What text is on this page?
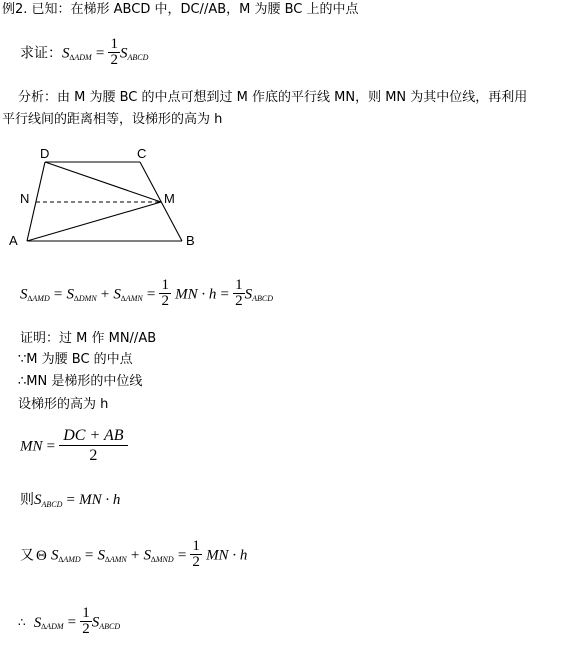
例2. 已知：在梯形 ABCD 中，DC//AB，M 为腰 BC 上的中点
求证：$S_{\Delta ADM} = \frac{1}{2} S_{ABCD}$
分析：由 M 为腰 BC 的中点可想到过 M 作底的平行线 MN，则 MN 为其中位线，再利用
平行线间的距离相等，设梯形的高为 h
D	C
N	M
A	B
$S_{\Delta AMD} = S_{\Delta DMN} + S_{\Delta AMN} = \frac{1}{2}$ MN · $h = \frac{1}{2} S_{ABCD}$
证明：过 M 作 MN//AB
∵M 为腰 BC 的中点
∴MN 是梯形的中位线
设梯形的高为 h
MN = $\frac{DC + AB}{2}$
则$S_{ABCD}$ = MN · h
又 Θ $S_{\Delta AMD} = S_{\Delta AMN} + S_{\Delta MND} = \frac{1}{2}$ MN · h
∴ $S_{\Delta ADM} = \frac{1}{2} S_{ABCD}$
